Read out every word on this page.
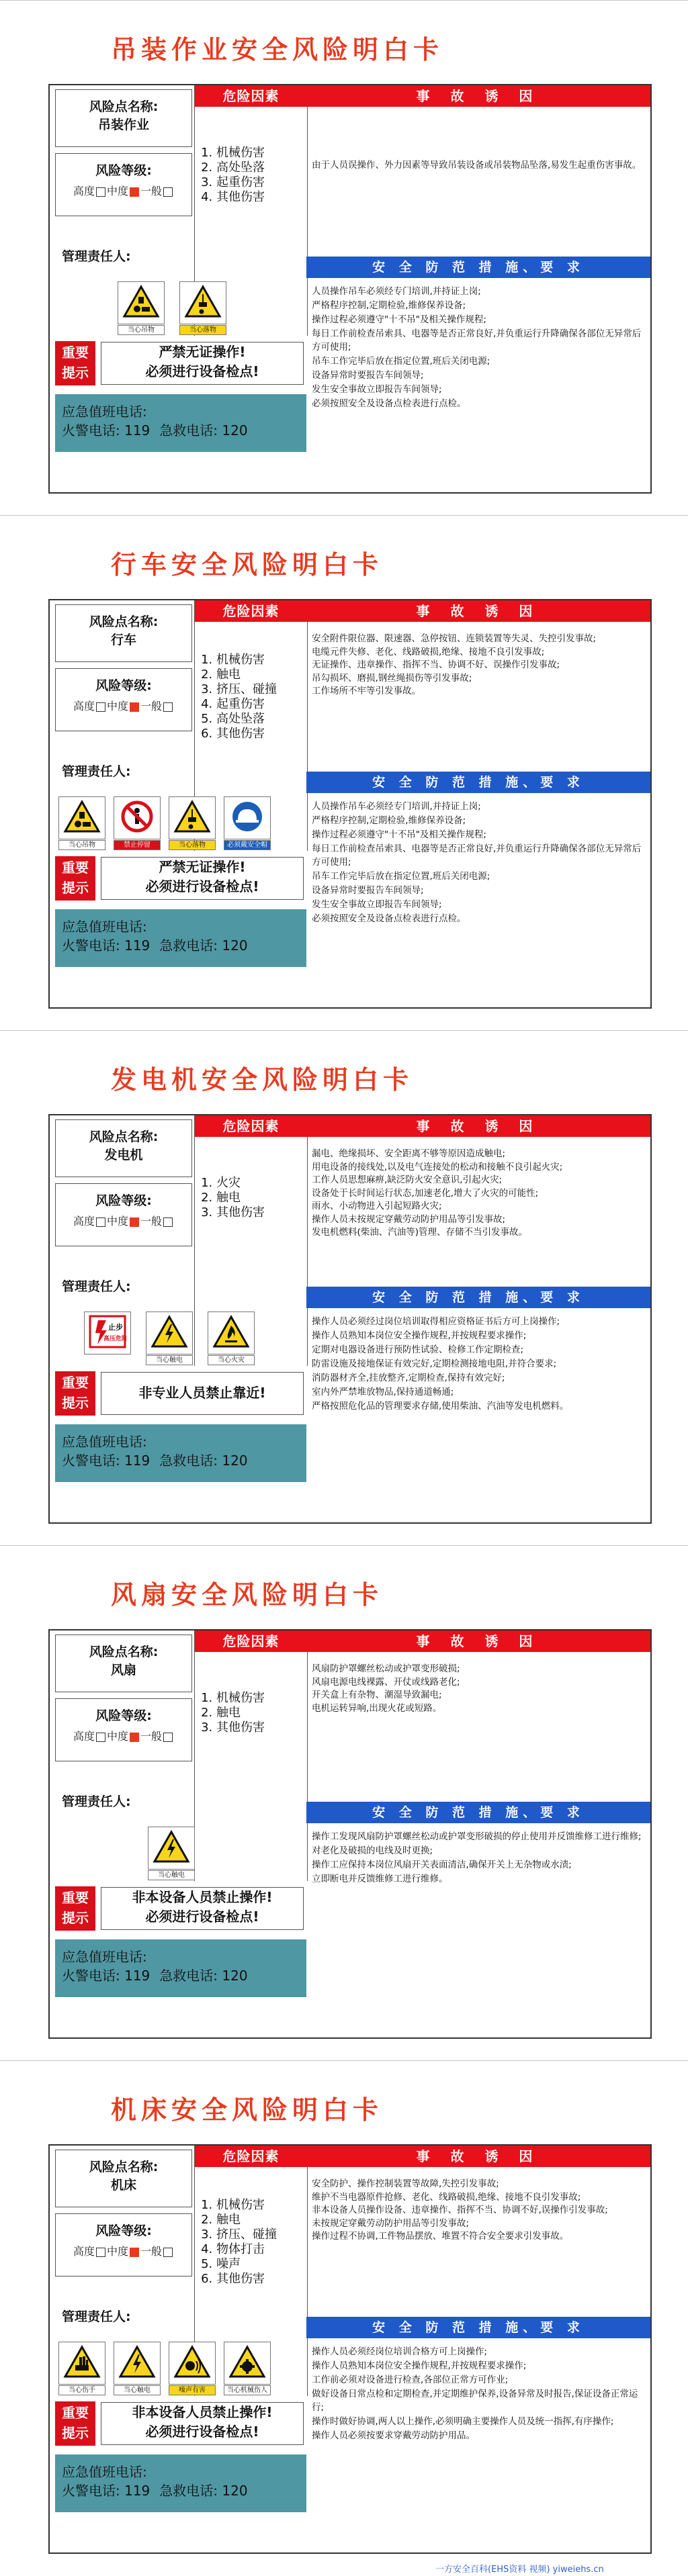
吊装作业安全风险明白卡
风险点名称:
吊装作业
风险等级:
高度 中度 一般
管理责任人:
危险因素
1. 机械伤害
2. 高处坠落
3. 起重伤害
4. 其他伤害
事 故 诱 因

由于人员误操作、外力因素等导致吊装设备或吊装物品坠落,易发生起重伤害事故。

安 全 防 范 措 施、要 求

人员操作吊车必须经专门培训,并持证上岗;

严格程序控制,定期检验,维修保养设备;

操作过程必须遵守"十不吊"及相关操作规程;

每日工作前检查吊索具、电器等是否正常良好,并负重运行升降确保各部位无异常后方可使用;

吊车工作完毕后放在指定位置,班后关闭电源;

设备异常时要报告车间领导;

发生安全事故立即报告车间领导;

必须按照安全及设备点检表进行点检。

当心吊物	当心落物
重要
提示
严禁无证操作!
必须进行设备检点!
应急值班电话:
火警电话: 119 急救电话: 120
行车安全风险明白卡
风险点名称:
行车
风险等级:
高度 中度 一般
管理责任人:
危险因素
1. 机械伤害
2. 触电
3. 挤压、碰撞
4. 起重伤害
5. 高处坠落
6. 其他伤害
事 故 诱 因

安全附件限位器、限速器、急停按钮、连锁装置等失灵、失控引发事故;

电缆元件失修、老化、线路破损,绝缘、接地不良引发事故;

无证操作、违章操作、指挥不当、协调不好、误操作引发事故;

吊勾损坏、磨损,钢丝绳损伤等引发事故;

工作场所不牢等引发事故。

安 全 防 范 措 施、要 求

人员操作吊车必须经专门培训,并持证上岗;

严格程序控制,定期检验,维修保养设备;

操作过程必须遵守"十不吊"及相关操作规程;

每日工作前检查吊索具、电器等是否正常良好,并负重运行升降确保各部位无异常后方可使用;

吊车工作完毕后放在指定位置,班后关闭电源;

设备异常时要报告车间领导;

发生安全事故立即报告车间领导;

必须按照安全及设备点检表进行点检。

当心吊物	禁止停留	当心落物	必须戴安全帽
重要
提示
严禁无证操作!
必须进行设备检点!
应急值班电话:
火警电话: 119 急救电话: 120
发电机安全风险明白卡
风险点名称:
发电机
风险等级:
高度 中度 一般
管理责任人:
危险因素
1. 火灾
2. 触电
3. 其他伤害
事 故 诱 因

漏电、绝缘损坏、安全距离不够等原因造成触电;

用电设备的接线处,以及电气连接处的松动和接触不良引起火灾;

工作人员思想麻痹,缺泛防火安全意识,引起火灾;

设备处于长时间运行状态,加速老化,增大了火灾的可能性;

雨水、小动物进入引起短路火灾;

操作人员未按规定穿戴劳动防护用品等引发事故;

发电机燃料(柴油、汽油等)管理、存储不当引发事故。

安 全 防 范 措 施、要 求

操作人员必须经过岗位培训取得相应资格证书后方可上岗操作;

操作人员熟知本岗位安全操作规程,并按规程要求操作;

定期对电器设备进行预防性试验、检修工作定期检查;

防雷设施及接地保证有效完好,定期检测接地电阻,并符合要求;

消防器材齐全,挂放整齐,定期检查,保持有效完好;

室内外严禁堆放物品,保持通道畅通;

严格按照危化品的管理要求存储,使用柴油、汽油等发电机燃料。

止步
高压危险
当心触电	当心火灾
重要
提示
非专业人员禁止靠近!
应急值班电话:
火警电话: 119 急救电话: 120
风扇安全风险明白卡
风险点名称:
风扇
风险等级:
高度 中度 一般
管理责任人:
危险因素
1. 机械伤害
2. 触电
3. 其他伤害
事 故 诱 因

风扇防护罩螺丝松动或护罩变形破损;

风扇电源电线裸露、开仗或线路老化;

开关盒上有杂物、潮湿导致漏电;

电机运转异响,出现火花或短路。

安 全 防 范 措 施、要 求

操作工发现风扇防护罩螺丝松动或护罩变形破损的停止使用并反馈维修工进行维修;

对老化及破损的电线及时更换;

操作工应保持本岗位风扇开关表面清洁,确保开关上无杂物或水渍;

立即断电并反馈维修工进行维修。

当心触电
重要
提示
非本设备人员禁止操作!
必须进行设备检点!
应急值班电话:
火警电话: 119 急救电话: 120
机床安全风险明白卡
风险点名称:
机床
风险等级:
高度 中度 一般
管理责任人:
危险因素
1. 机械伤害
2. 触电
3. 挤压、碰撞
4. 物体打击
5. 噪声
6. 其他伤害
事 故 诱 因

安全防护、操作控制装置等故障,失控引发事故;

维护不当电器原件抢修、老化、线路破损,绝缘、接地不良引发事故;

非本设备人员操作设备、违章操作、指挥不当、协调不好,误操作引发事故;

未按规定穿戴劳动防护用品等引发事故;

操作过程不协调,工件物品摆放、堆置不符合安全要求引发事故。

安 全 防 范 措 施、要 求

操作人员必须经岗位培训合格方可上岗操作;

操作人员熟知本岗位安全操作规程,并按规程要求操作;

工作前必须对设备进行检查,各部位正常方可作业;

做好设备日常点检和定期检查,并定期维护保养,设备异常及时报告,保证设备正常运行;

操作时做好协调,两人以上操作,必须明确主要操作人员及统一指挥,有序操作;

操作人员必须按要求穿戴劳动防护用品。

当心伤手	当心触电	噪声有害	当心机械伤人
重要
提示
非本设备人员禁止操作!
必须进行设备检点!
应急值班电话:
火警电话: 119 急救电话: 120
一方安全百科(EHS资料 视频) yiweiehs.cn
